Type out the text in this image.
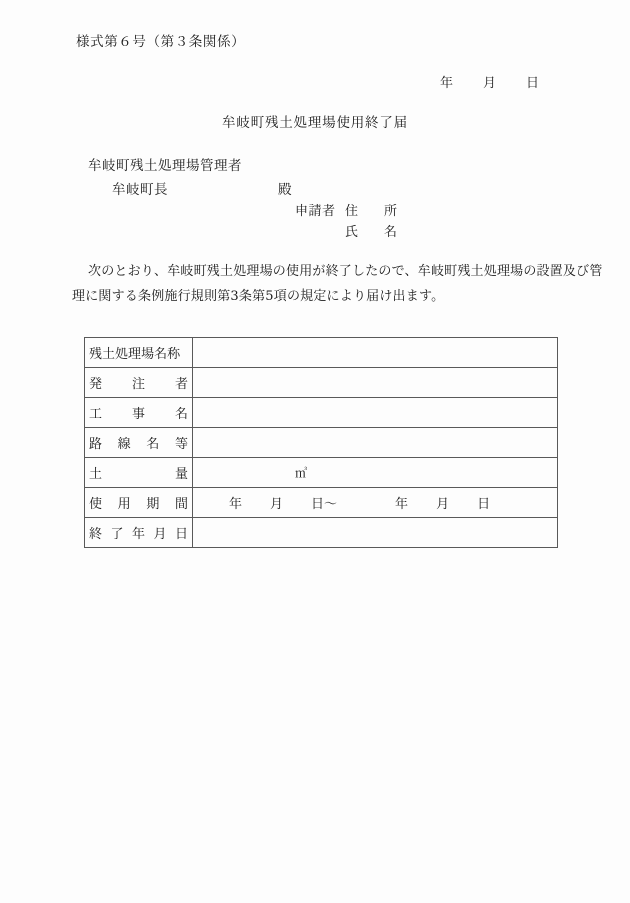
様式第６号（第３条関係）
年 月 日
牟岐町残土処理場使用終了届
牟岐町残土処理場管理者
牟岐町長	殿
申請者 住　　所
氏　　名
次のとおり、牟岐町残土処理場の使用が終了したので、牟岐町残土処理場の設置及び管
理に関する条例施行規則第3条第5項の規定により届け出ます。
残 土 処 理 場 名 称

発 注 者	

工 事 名	

路 線 名 等	

土 量	㎥

使 用 期 間	年 月 日〜 年 月 日

終 了 年 月 日	
